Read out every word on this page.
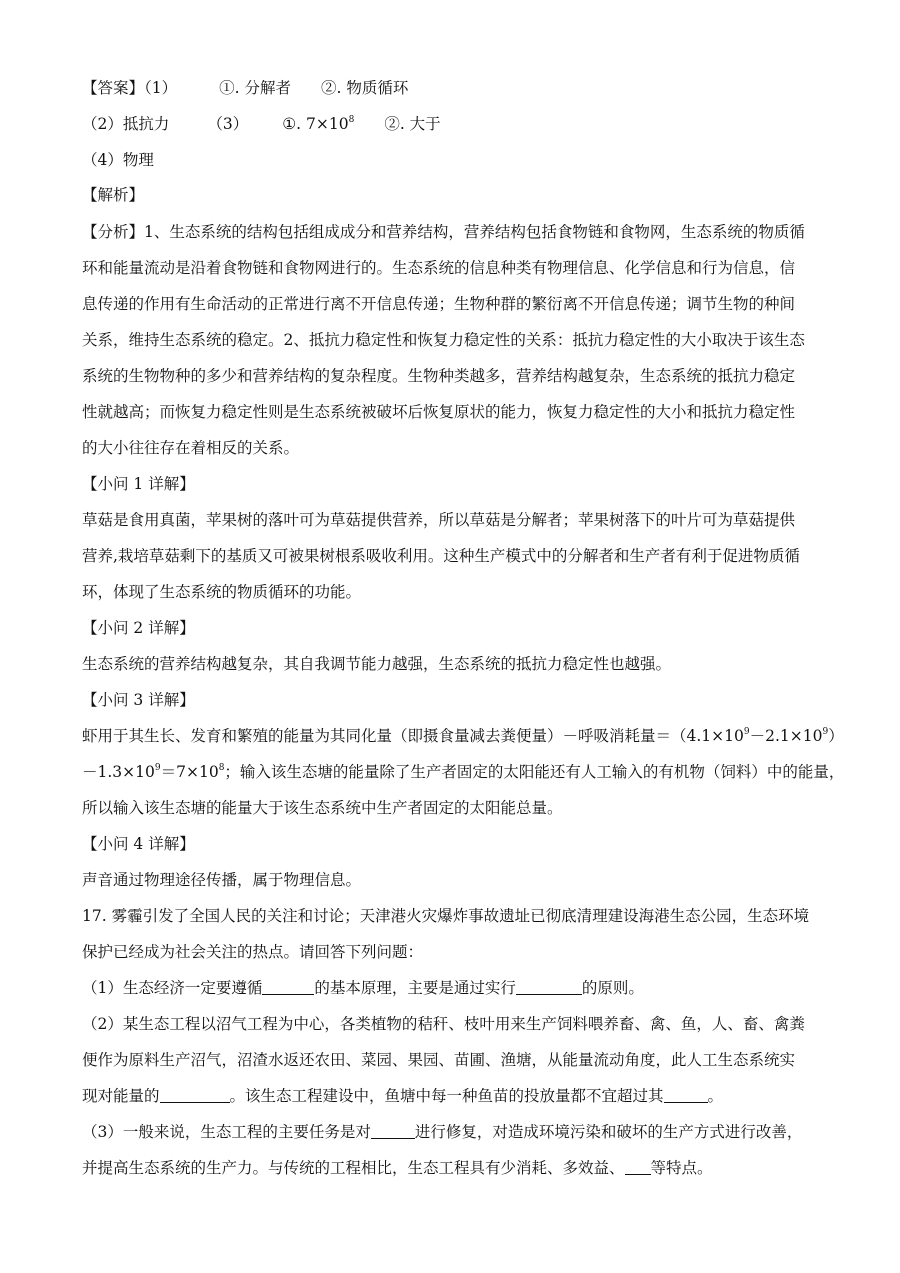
【答案】（1）	①. 分解者 ②. 物质循环
（2）抵抗力 （3） ①. $7\times 10^8$ ②. 大于
（4）物理
【解析】
【分析】1、生态系统的结构包括组成成分和营养结构，营养结构包括食物链和食物网，生态系统的物质循
环和能量流动是沿着食物链和食物网进行的。生态系统的信息种类有物理信息、化学信息和行为信息，信
息传递的作用有生命活动的正常进行离不开信息传递；生物种群的繁衍离不开信息传递；调节生物的种间
关系，维持生态系统的稳定。2、抵抗力稳定性和恢复力稳定性的关系：抵抗力稳定性的大小取决于该生态
系统的生物物种的多少和营养结构的复杂程度。生物种类越多，营养结构越复杂，生态系统的抵抗力稳定
性就越高；而恢复力稳定性则是生态系统被破坏后恢复原状的能力，恢复力稳定性的大小和抵抗力稳定性
的大小往往存在着相反的关系。
【小问 1 详解】
草菇是食用真菌，苹果树的落叶可为草菇提供营养，所以草菇是分解者；苹果树落下的叶片可为草菇提供
营养,栽培草菇剩下的基质又可被果树根系吸收利用。这种生产模式中的分解者和生产者有利于促进物质循
环，体现了生态系统的物质循环的功能。
【小问 2 详解】
生态系统的营养结构越复杂，其自我调节能力越强，生态系统的抵抗力稳定性也越强。
【小问 3 详解】
虾用于其生长、发育和繁殖的能量为其同化量（即摄食量减去粪便量）－呼吸消耗量$=(4.1\times 10^9-2.1\times 10^9)$
$-1.3\times 10^9=7\times 10^8$；输入该生态塘的能量除了生产者固定的太阳能还有人工输入的有机物（饲料）中的能量，
所以输入该生态塘的能量大于该生态系统中生产者固定的太阳能总量。
【小问 4 详解】
声音通过物理途径传播，属于物理信息。
17. 雾霾引发了全国人民的关注和讨论；天津港火灾爆炸事故遗址已彻底清理建设海港生态公园，生态环境
保护已经成为社会关注的热点。请回答下列问题：
（1）生态经济一定要遵循	的基本原理，主要是通过实行	的原则。
（2）某生态工程以沼气工程为中心，各类植物的秸秆、枝叶用来生产饲料喂养畜、禽、鱼，人、畜、禽粪
便作为原料生产沼气，沼渣水返还农田、菜园、果园、苗圃、渔塘，从能量流动角度，此人工生态系统实
现对能量的	。该生态工程建设中，鱼塘中每一种鱼苗的投放量都不宜超过其	。
（3）一般来说，生态工程的主要任务是对	进行修复，对造成环境污染和破坏的生产方式进行改善，
并提高生态系统的生产力。与传统的工程相比，生态工程具有少消耗、多效益、 等特点。
